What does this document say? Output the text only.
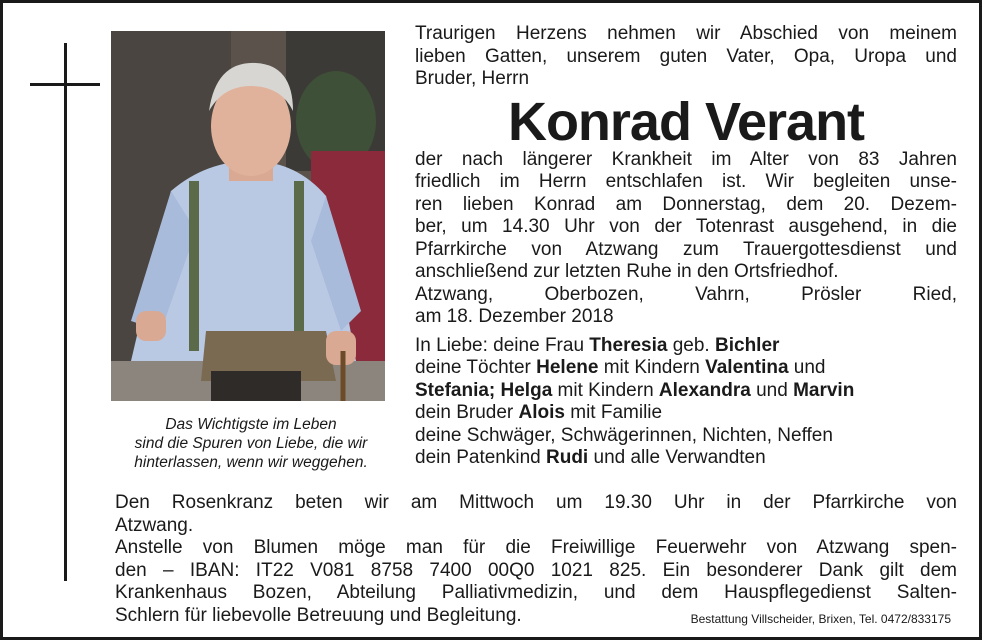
Das Wichtigste im Leben
sind die Spuren von Liebe, die wir
hinterlassen, wenn wir weggehen.
Traurigen Herzens nehmen wir Abschied von meinem
lieben Gatten, unserem guten Vater, Opa, Uropa und
Bruder, Herrn
Konrad Verant
der nach längerer Krankheit im Alter von 83 Jahren
friedlich im Herrn entschlafen ist. Wir begleiten unse-
ren lieben Konrad am Donnerstag, dem 20. Dezem-
ber, um 14.30 Uhr von der Totenrast ausgehend, in die
Pfarrkirche von Atzwang zum Trauergottesdienst und
anschließend zur letzten Ruhe in den Ortsfriedhof.
Atzwang, Oberbozen, Vahrn, Prösler Ried,
am 18. Dezember 2018
In Liebe: deine Frau Theresia geb. Bichler
deine Töchter Helene mit Kindern Valentina und
Stefania; Helga mit Kindern Alexandra und Marvin
dein Bruder Alois mit Familie
deine Schwäger, Schwägerinnen, Nichten, Neffen
dein Patenkind Rudi und alle Verwandten
Den Rosenkranz beten wir am Mittwoch um 19.30 Uhr in der Pfarrkirche von
Atzwang.
Anstelle von Blumen möge man für die Freiwillige Feuerwehr von Atzwang spen-
den – IBAN: IT22 V081 8758 7400 00Q0 1021 825. Ein besonderer Dank gilt dem
Krankenhaus Bozen, Abteilung Palliativmedizin, und dem Hauspflegedienst Salten-
Schlern für liebevolle Betreuung und Begleitung.	Bestattung Villscheider, Brixen, Tel. 0472/833175
